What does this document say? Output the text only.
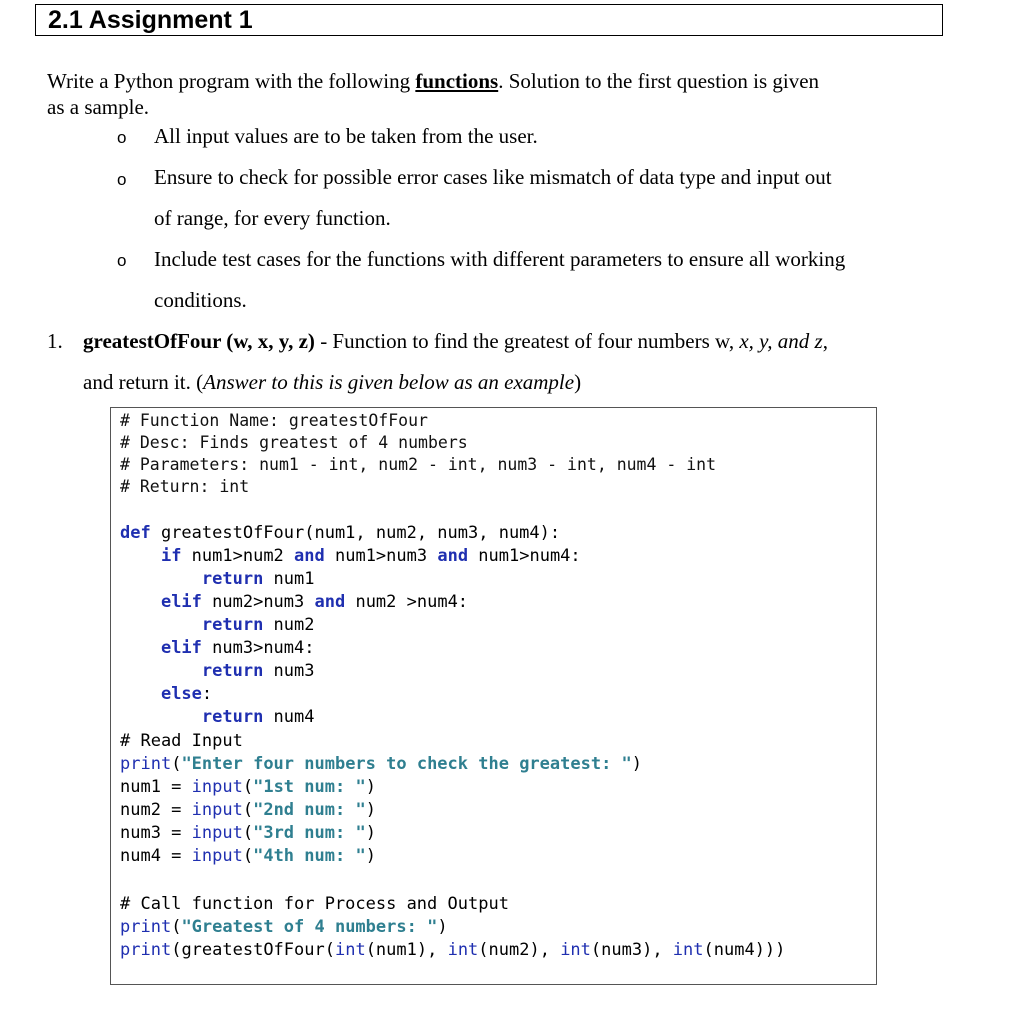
2.1 Assignment 1
Write a Python program with the following functions. Solution to the first question is given
as a sample.
o
o
o
All input values are to be taken from the user.
Ensure to check for possible error cases like mismatch of data type and input out
of range, for every function.
Include test cases for the functions with different parameters to ensure all working
conditions.
1. greatestOfFour (w, x, y, z) - Function to find the greatest of four numbers w, x, y, and z,
and return it. (Answer to this is given below as an example)
# Function Name: greatestOfFour
# Desc: Finds greatest of 4 numbers
# Parameters: num1 - int, num2 - int, num3 - int, num4 - int
# Return: int
def greatestOfFour(num1, num2, num3, num4):
if num1>num2 and num1>num3 and num1>num4:
return num1
elif num2>num3 and num2 >num4:
return num2
elif num3>num4:
return num3
else:
return num4
# Read Input
print("Enter four numbers to check the greatest: ")
num1 = input("1st num: ")
num2 = input("2nd num: ")
num3 = input("3rd num: ")
num4 = input("4th num: ")
# Call function for Process and Output
print("Greatest of 4 numbers: ")
print(greatestOfFour(int(num1), int(num2), int(num3), int(num4)))
